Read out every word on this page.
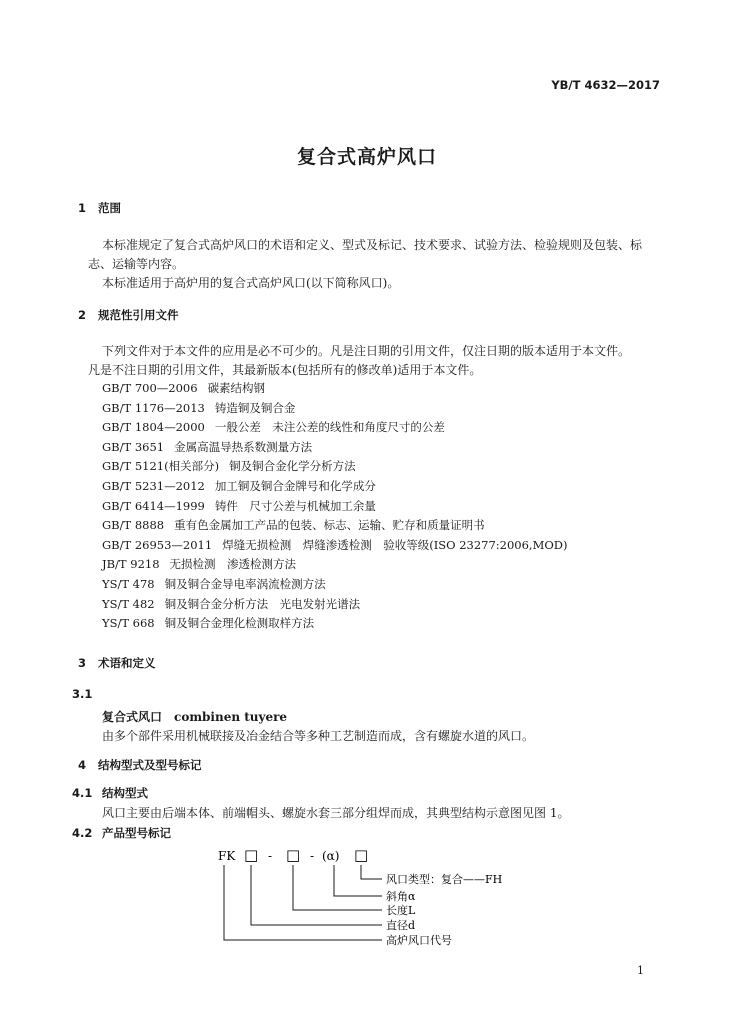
YB/T 4632—2017
复合式高炉风口
1 范围
本标准规定了复合式高炉风口的术语和定义、型式及标记、技术要求、试验方法、检验规则及包装、标
志、运输等内容。
本标准适用于高炉用的复合式高炉风口(以下简称风口)。
2 规范性引用文件
下列文件对于本文件的应用是必不可少的。凡是注日期的引用文件，仅注日期的版本适用于本文件。
凡是不注日期的引用文件，其最新版本(包括所有的修改单)适用于本文件。
GB/T 700—2006 碳素结构钢
GB/T 1176—2013 铸造铜及铜合金
GB/T 1804—2000 一般公差　未注公差的线性和角度尺寸的公差
GB/T 3651 金属高温导热系数测量方法
GB/T 5121(相关部分) 铜及铜合金化学分析方法
GB/T 5231—2012 加工铜及铜合金牌号和化学成分
GB/T 6414—1999 铸件　尺寸公差与机械加工余量
GB/T 8888 重有色金属加工产品的包装、标志、运输、贮存和质量证明书
GB/T 26953—2011 焊缝无损检测　焊缝渗透检测　验收等级(ISO 23277:2006,MOD)
JB/T 9218 无损检测　渗透检测方法
YS/T 478 铜及铜合金导电率涡流检测方法
YS/T 482 铜及铜合金分析方法　光电发射光谱法
YS/T 668 铜及铜合金理化检测取样方法
3 术语和定义
3.1
复合式风口 combinen tuyere
由多个部件采用机械联接及冶金结合等多种工艺制造而成，含有螺旋水道的风口。
4 结构型式及型号标记
4.1 结构型式
风口主要由后端本体、前端帽头、螺旋水套三部分组焊而成，其典型结构示意图见图 1。
4.2 产品型号标记
FK □ - □ - (α) □
风口类型：复合——FH
斜角α
长度L
直径d
高炉风口代号
1
